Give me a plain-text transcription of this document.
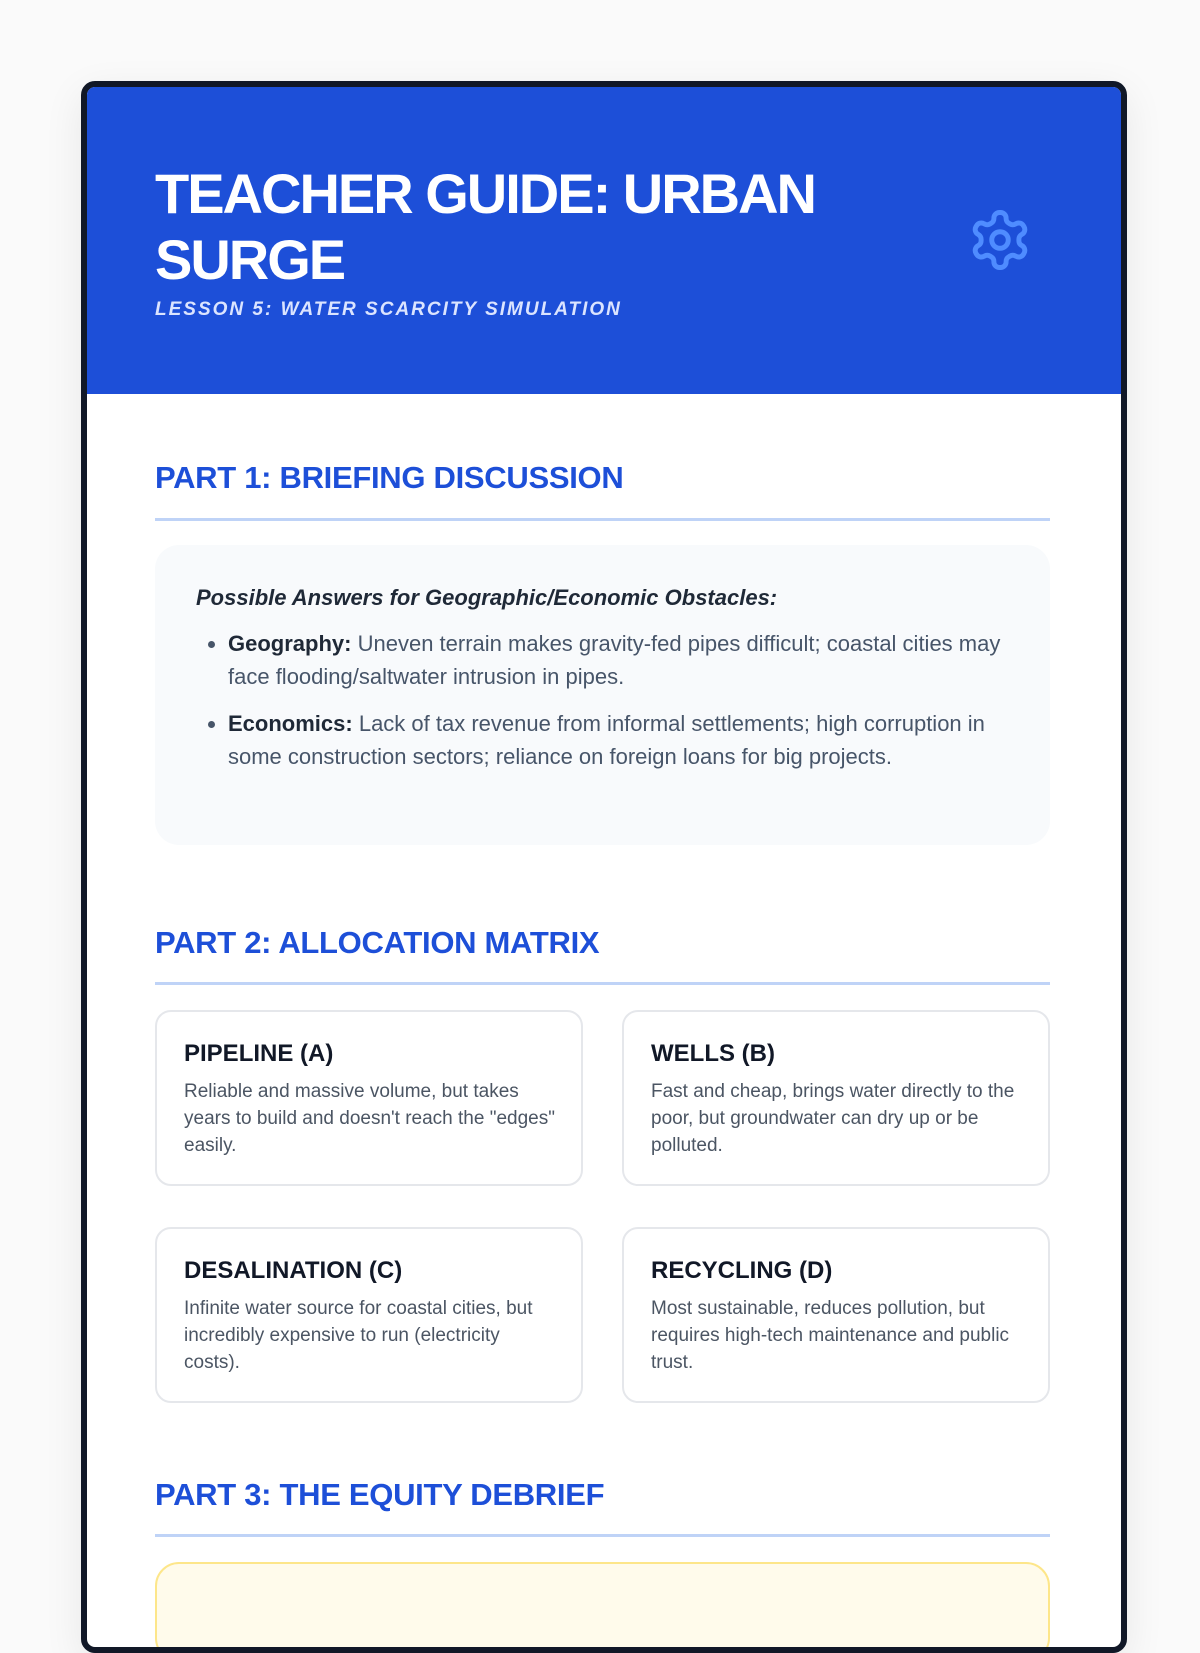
TEACHER GUIDE: URBAN SURGE

LESSON 5: WATER SCARCITY SIMULATION

PART 1: BRIEFING DISCUSSION

Possible Answers for Geographic/Economic Obstacles:

• Geography: Uneven terrain makes gravity-fed pipes difficult; coastal cities may face flooding/saltwater intrusion in pipes.
• Economics: Lack of tax revenue from informal settlements; high corruption in some construction sectors; reliance on foreign loans for big projects.
PART 2: ALLOCATION MATRIX

PIPELINE (A)

Reliable and massive volume, but takes years to build and doesn't reach the "edges" easily.

WELLS (B)

Fast and cheap, brings water directly to the poor, but groundwater can dry up or be polluted.

DESALINATION (C)

Infinite water source for coastal cities, but incredibly expensive to run (electricity costs).

RECYCLING (D)

Most sustainable, reduces pollution, but requires high-tech maintenance and public trust.

PART 3: THE EQUITY DEBRIEF
